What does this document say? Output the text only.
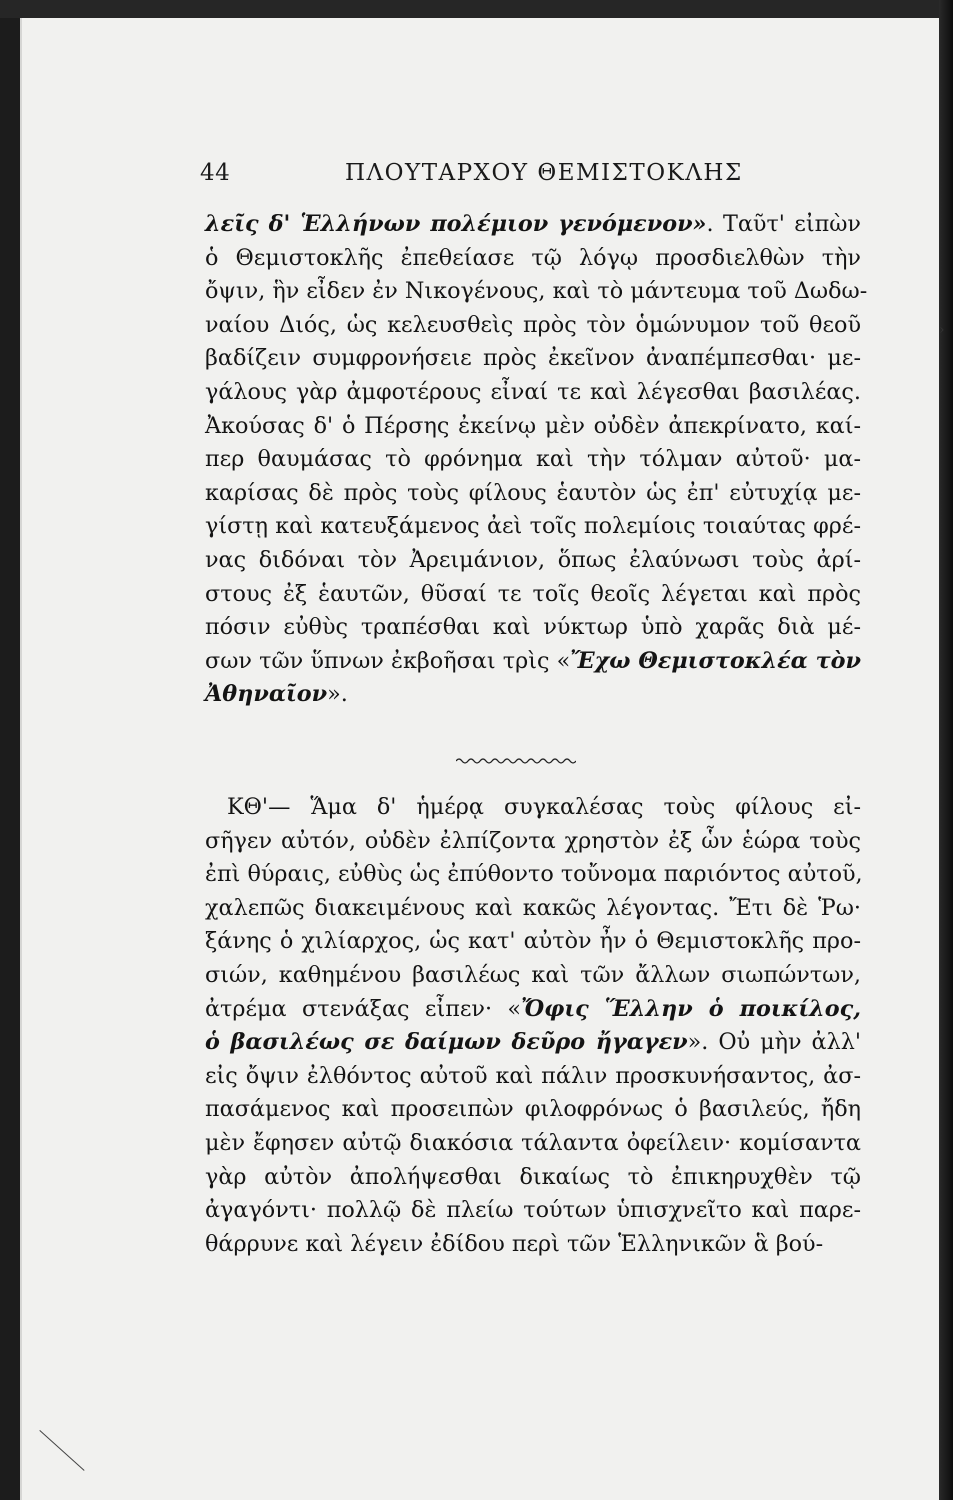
›
44	ΠΛΟΥΤΑΡΧΟΥ ΘΕΜΙΣΤΟΚΛΗΣ
λεῖς δ' Ἑλλήνων πολέμιον γενόμενον». Ταῦτ' εἰπὼν
ὁ Θεμιστοκλῆς ἐπεθείασε τῷ λόγῳ προσδιελθὼν τὴν
ὄψιν, ἣν εἶδεν ἐν Νικογένους, καὶ τὸ μάντευμα τοῦ Δωδω-
ναίου Διός, ὡς κελευσθεὶς πρὸς τὸν ὁμώνυμον τοῦ θεοῦ
βαδίζειν συμφρονήσειε πρὸς ἐκεῖνον ἀναπέμπεσθαι· με-
γάλους γὰρ ἀμφοτέρους εἶναί τε καὶ λέγεσθαι βασιλέας.
Ἀκούσας δ' ὁ Πέρσης ἐκείνῳ μὲν οὐδὲν ἀπεκρίνατο, καί-
περ θαυμάσας τὸ φρόνημα καὶ τὴν τόλμαν αὐτοῦ· μα-
καρίσας δὲ πρὸς τοὺς φίλους ἑαυτὸν ὡς ἐπ' εὐτυχίᾳ με-
γίστῃ καὶ κατευξάμενος ἀεὶ τοῖς πολεμίοις τοιαύτας φρέ-
νας διδόναι τὸν Ἀρειμάνιον, ὅπως ἐλαύνωσι τοὺς ἀρί-
στους ἐξ ἑαυτῶν, θῦσαί τε τοῖς θεοῖς λέγεται καὶ πρὸς
πόσιν εὐθὺς τραπέσθαι καὶ νύκτωρ ὑπὸ χαρᾶς διὰ μέ-
σων τῶν ὕπνων ἐκβοῆσαι τρὶς «Ἔχω Θεμιστοκλέα τὸν
Ἀθηναῖον».
ΚΘ'— Ἅμα δ' ἡμέρᾳ συγκαλέσας τοὺς φίλους εἰ-
σῆγεν αὐτόν, οὐδὲν ἐλπίζοντα χρηστὸν ἐξ ὧν ἑώρα τοὺς
ἐπὶ θύραις, εὐθὺς ὡς ἐπύθοντο τοὔνομα παριόντος αὐτοῦ,
χαλεπῶς διακειμένους καὶ κακῶς λέγοντας. Ἔτι δὲ Ῥω·
ξάνης ὁ χιλίαρχος, ὡς κατ' αὐτὸν ἦν ὁ Θεμιστοκλῆς προ-
σιών, καθημένου βασιλέως καὶ τῶν ἄλλων σιωπώντων,
ἀτρέμα στενάξας εἶπεν· «Ὄφις Ἕλλην ὁ ποικίλος,
ὁ βασιλέως σε δαίμων δεῦρο ἤγαγεν». Οὐ μὴν ἀλλ'
εἰς ὄψιν ἐλθόντος αὐτοῦ καὶ πάλιν προσκυνήσαντος, ἀσ-
πασάμενος καὶ προσειπὼν φιλοφρόνως ὁ βασιλεύς, ἤδη
μὲν ἔφησεν αὐτῷ διακόσια τάλαντα ὀφείλειν· κομίσαντα
γὰρ αὐτὸν ἀπολήψεσθαι δικαίως τὸ ἐπικηρυχθὲν τῷ
ἀγαγόντι· πολλῷ δὲ πλείω τούτων ὑπισχνεῖτο καὶ παρε-
θάρρυνε καὶ λέγειν ἐδίδου περὶ τῶν Ἑλληνικῶν ἃ βού-
